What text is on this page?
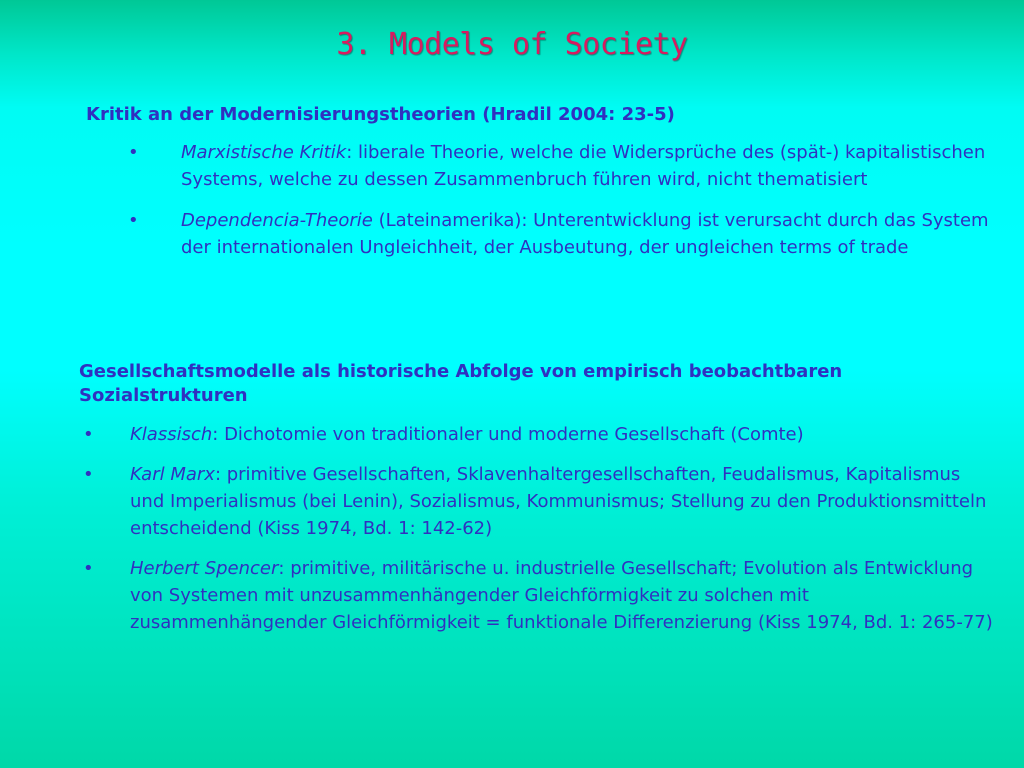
3. Models of Society
Kritik an der Modernisierungstheorien (Hradil 2004: 23-5)
• Marxistische Kritik: liberale Theorie, welche die Widersprüche des (spät-) kapitalistischen Systems, welche zu dessen Zusammenbruch führen wird, nicht thematisiert
• Dependencia-Theorie (Lateinamerika): Unterentwicklung ist verursacht durch das System der internationalen Ungleichheit, der Ausbeutung, der ungleichen terms of trade
Gesellschaftsmodelle als historische Abfolge von empirisch beobachtbaren Sozialstrukturen
• Klassisch: Dichotomie von traditionaler und moderne Gesellschaft (Comte)
• Karl Marx: primitive Gesellschaften, Sklavenhaltergesellschaften, Feudalismus, Kapitalismus und Imperialismus (bei Lenin), Sozialismus, Kommunismus; Stellung zu den Produktionsmitteln entscheidend (Kiss 1974, Bd. 1: 142-62)
• Herbert Spencer: primitive, militärische u. industrielle Gesellschaft; Evolution als Entwicklung von Systemen mit unzusammenhängender Gleichförmigkeit zu solchen mit zusammenhängender Gleichförmigkeit = funktionale Differenzierung (Kiss 1974, Bd. 1: 265-77)
